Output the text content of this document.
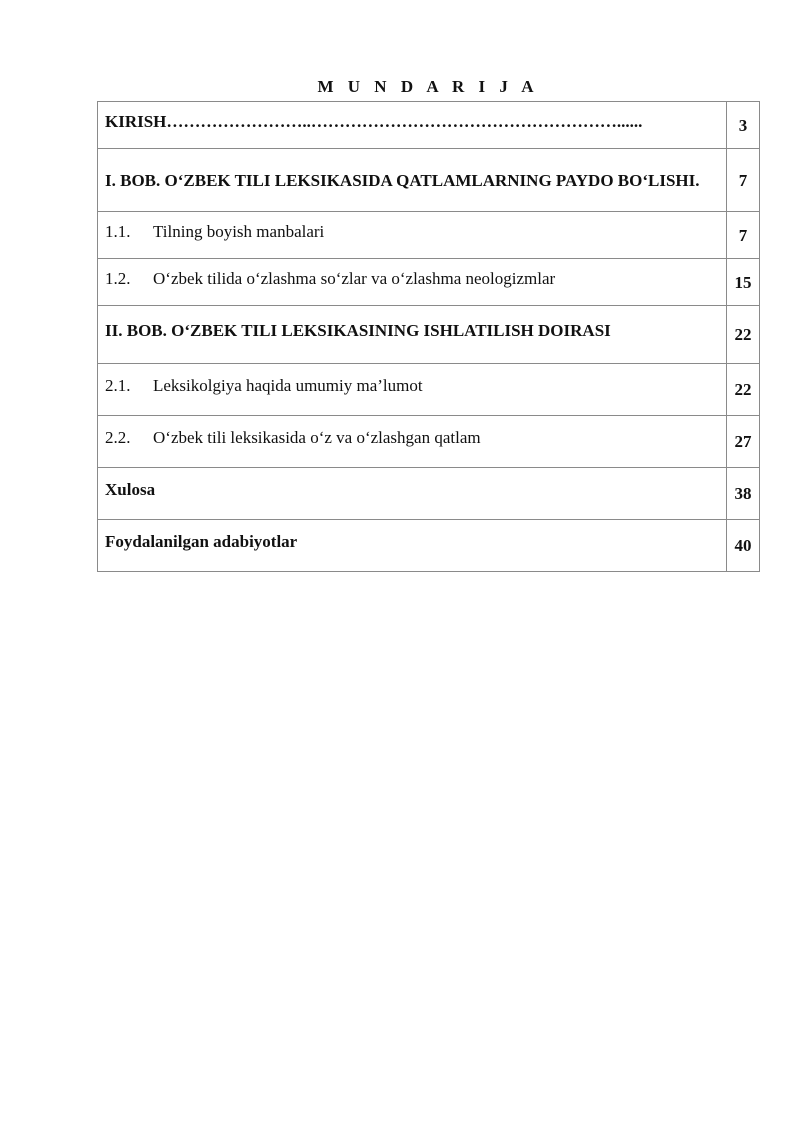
M U N D A R I J A
KIRISH……………………..………………………………………………......	3

I. BOB. O‘ZBEK TILI LEKSIKASIDA QATLAMLARNING PAYDO BO‘LISHI.	7

1.1. Tilning boyish manbalari	7

1.2. O‘zbek tilida o‘zlashma so‘zlar va o‘zlashma neologizmlar	15

II. BOB. O‘ZBEK TILI LEKSIKASINING ISHLATILISH DOIRASI	22

2.1. Leksikolgiya haqida umumiy ma’lumot	22

2.2. O‘zbek tili leksikasida o‘z va o‘zlashgan qatlam	27

Xulosa	38

Foydalanilgan adabiyotlar	40
